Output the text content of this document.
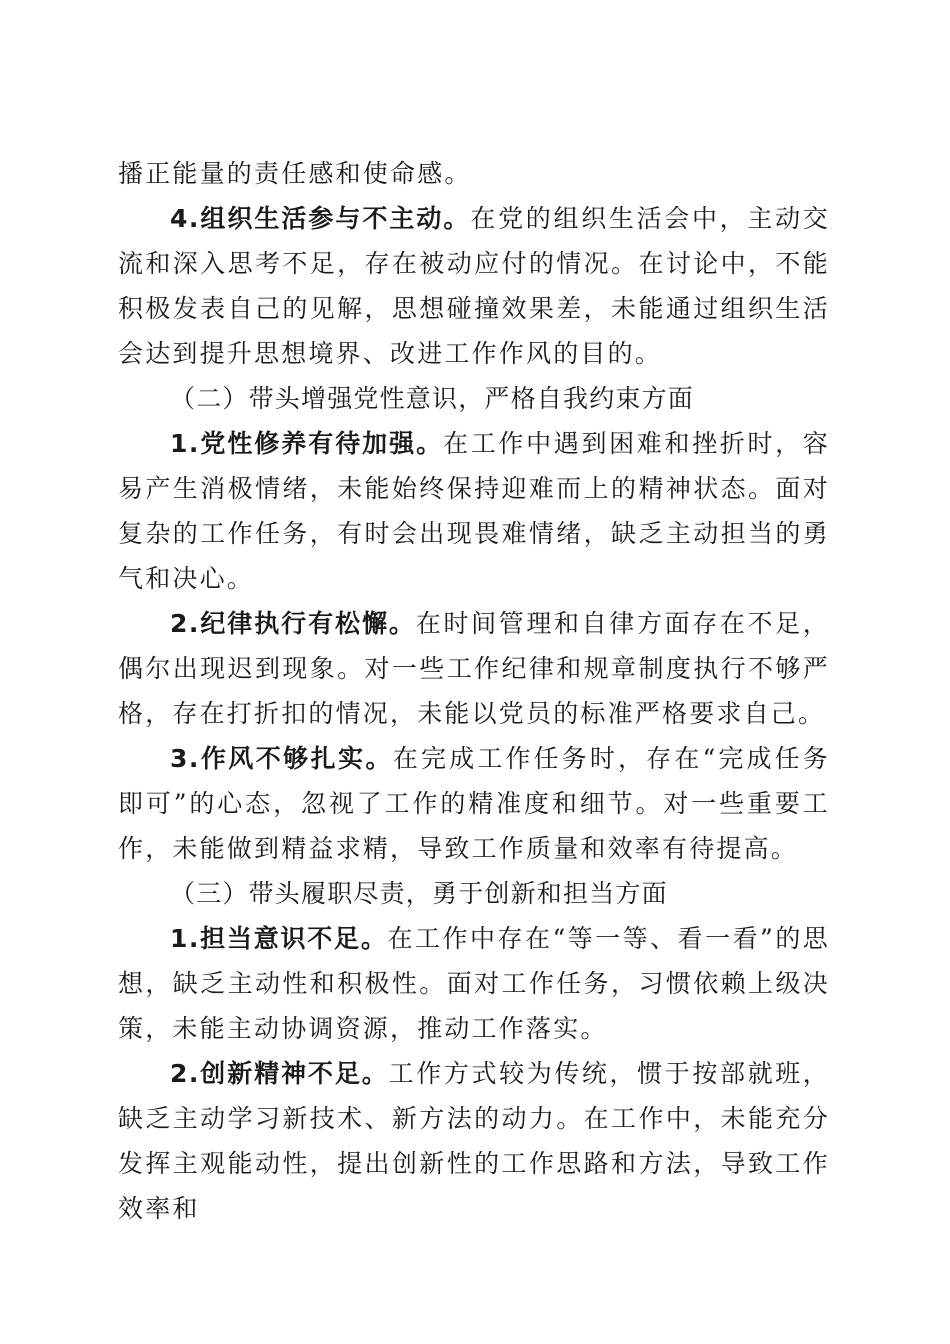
播正能量的责任感和使命感。

4.组织生活参与不主动。在党的组织生活会中，主动交流和深入思考不足，存在被动应付的情况。在讨论中，不能积极发表自己的见解，思想碰撞效果差，未能通过组织生活会达到提升思想境界、改进工作作风的目的。

（二）带头增强党性意识，严格自我约束方面

1.党性修养有待加强。在工作中遇到困难和挫折时，容易产生消极情绪，未能始终保持迎难而上的精神状态。面对复杂的工作任务，有时会出现畏难情绪，缺乏主动担当的勇气和决心。

2.纪律执行有松懈。在时间管理和自律方面存在不足，偶尔出现迟到现象。对一些工作纪律和规章制度执行不够严格，存在打折扣的情况，未能以党员的标准严格要求自己。

3.作风不够扎实。在完成工作任务时，存在“完成任务即可”的心态，忽视了工作的精准度和细节。对一些重要工作，未能做到精益求精，导致工作质量和效率有待提高。

（三）带头履职尽责，勇于创新和担当方面

1.担当意识不足。在工作中存在“等一等、看一看”的思想，缺乏主动性和积极性。面对工作任务，习惯依赖上级决策，未能主动协调资源，推动工作落实。

2.创新精神不足。工作方式较为传统，惯于按部就班，缺乏主动学习新技术、新方法的动力。在工作中，未能充分发挥主观能动性，提出创新性的工作思路和方法，导致工作效率和
